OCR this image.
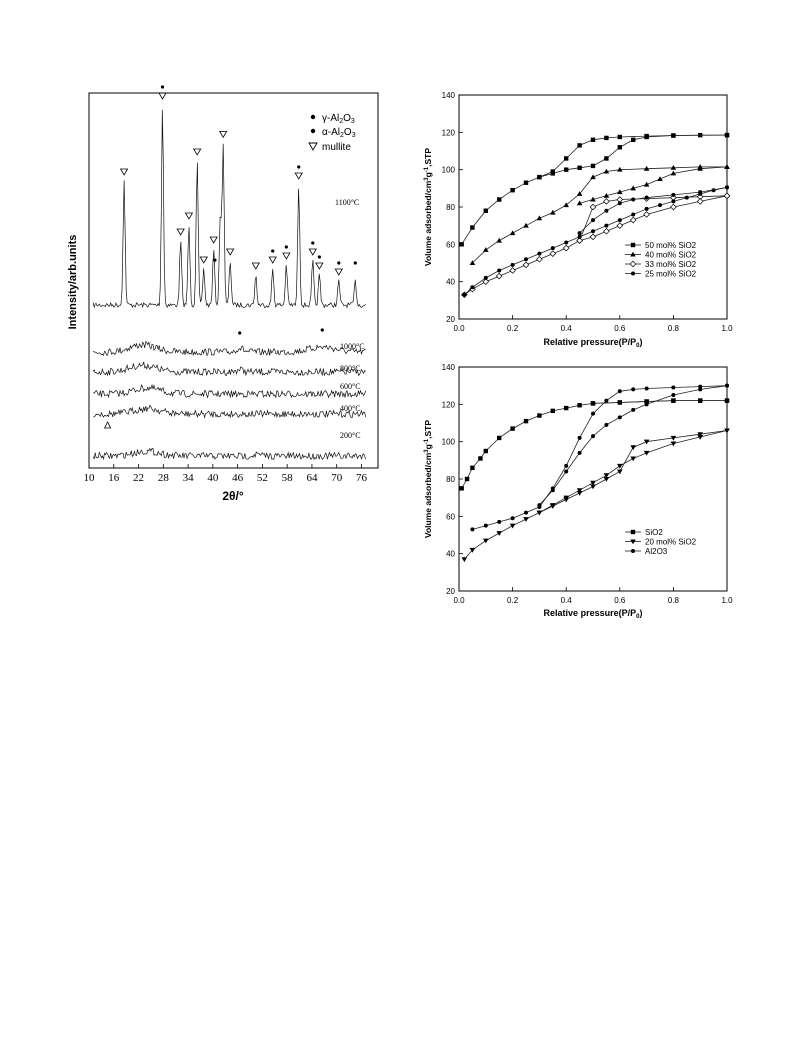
10 16 22 28 34 40 46 52 58 64 70 76
1100°C
1000°C
800°C
600°C
400°C
200°C
2θ/°
Intensity/arb.units
$\gamma-Al_2O_3$
$\alpha-Al_2O_3$
mullite
0.0	0.2	0.4	0.6	0.8	1.0
20
40
60
80
100
120
140
Relative $pressure(P/P_0)$
Volume adsorbed/$cm^3g^{-1},STP$
50 mol% SiO2
40 mol% SiO2
33 mol% SiO2
25 mol% SiO2
0.0	0.2	0.4	0.6	0.8	1.0
20
40
60
80
100
120
140
Relative $pressure(P/P_0)$
Volume adsorbed/$cm^3g^{-1},STP$
SiO2
20 mol% SiO2
Al2O3
